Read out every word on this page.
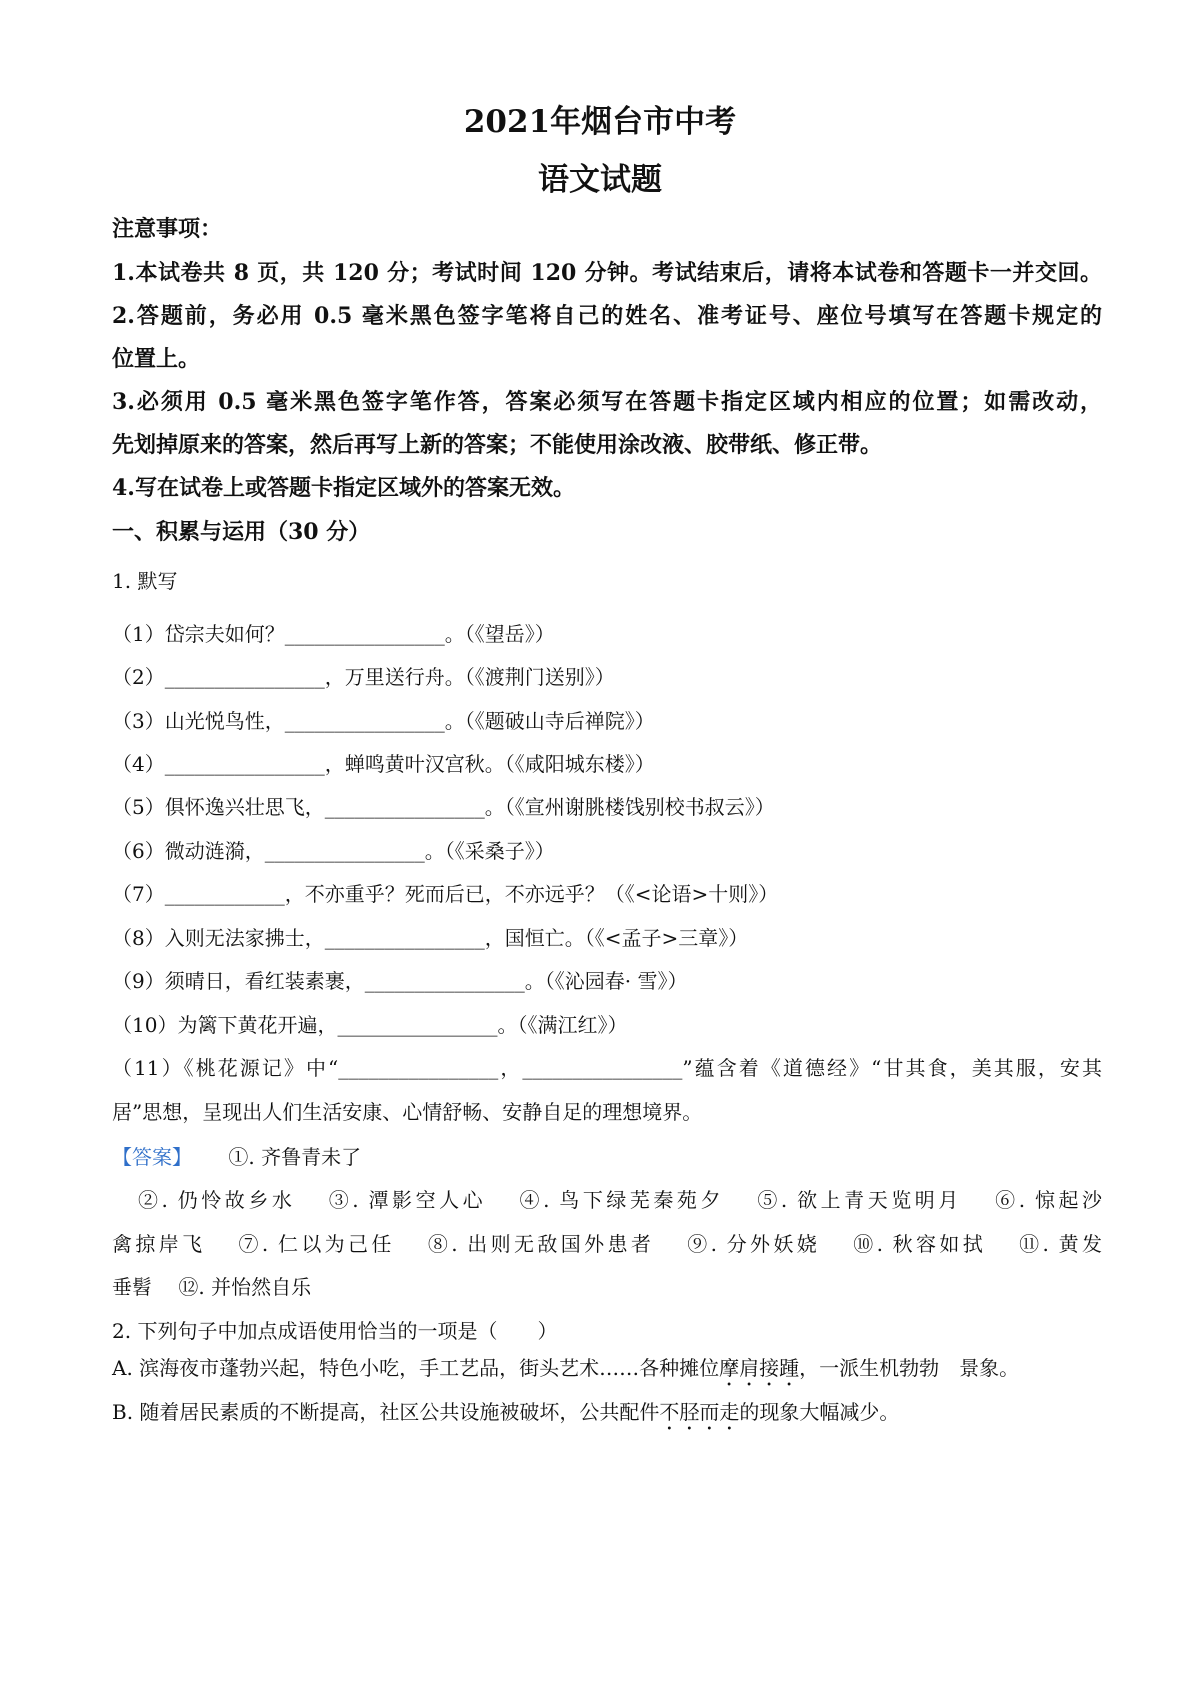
2021年烟台市中考
语文试题
注意事项：
1.本试卷共 8 页，共 120 分；考试时间 120 分钟。考试结束后，请将本试卷和答题卡一并交回。
2.答题前，务必用 0.5 毫米黑色签字笔将自己的姓名、准考证号、座位号填写在答题卡规定的
位置上。
3.必须用 0.5 毫米黑色签字笔作答，答案必须写在答题卡指定区域内相应的位置；如需改动，
先划掉原来的答案，然后再写上新的答案；不能使用涂改液、胶带纸、修正带。
4.写在试卷上或答题卡指定区域外的答案无效。
一、积累与运用（30 分）
1. 默写
（1）岱宗夫如何？________________。（《望岳》）
（2）________________，万里送行舟。（《渡荆门送别》）
（3）山光悦鸟性，________________。（《题破山寺后禅院》）
（4）________________，蝉鸣黄叶汉宫秋。（《咸阳城东楼》）
（5）俱怀逸兴壮思飞，________________。（《宣州谢朓楼饯别校书叔云》）
（6）微动涟漪，________________。（《采桑子》）
（7）____________，不亦重乎？死而后已，不亦远乎？（《<论语>十则》）
（8）入则无法家拂士，________________，国恒亡。（《<孟子>三章》）
（9）须晴日，看红装素裹，________________。（《沁园春· 雪》）
（10）为篱下黄花开遍，________________。（《满江红》）
（11）《桃花源记》中“________________，________________”蕴含着《道德经》“甘其食，美其服，安其
居”思想，呈现出人们生活安康、心情舒畅、安静自足的理想境界。
【答案】 ①. 齐鲁青未了
②. 仍怜故乡水　 ③. 潭影空人心　 ④. 鸟下绿芜秦苑夕　 ⑤. 欲上青天览明月　 ⑥. 惊起沙
禽掠岸飞　 ⑦. 仁以为己任　 ⑧. 出则无敌国外患者　 ⑨. 分外妖娆　 ⑩. 秋容如拭　 ⑪. 黄发
垂髫　 ⑫. 并怡然自乐
2. 下列句子中加点成语使用恰当的一项是（　　）
A. 滨海夜市蓬勃兴起，特色小吃，手工艺品，街头艺术……各种摊位摩肩接踵，一派生机勃勃　景象。
B. 随着居民素质的不断提高，社区公共设施被破坏，公共配件不胫而走的现象大幅减少。
